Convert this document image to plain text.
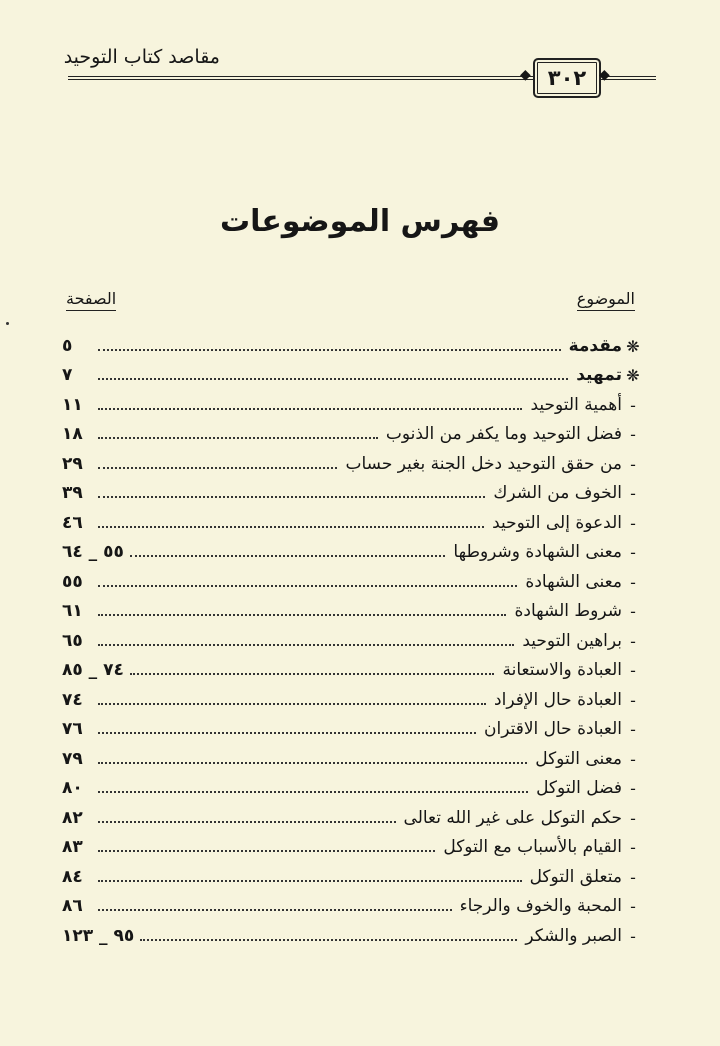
مقاصد كتاب التوحيد
◆ ٣٠٢ ◆
فهرس الموضوعات
الموضوع
الصفحة
❋
مقدمة
٥
❋
تمهيد
٧
-
أهمية التوحيد
١١
-
فضل التوحيد وما يكفر من الذنوب
١٨
-
من حقق التوحيد دخل الجنة بغير حساب
٢٩
-
الخوف من الشرك
٣٩
-
الدعوة إلى التوحيد
٤٦
-
معنى الشهادة وشروطها
٥٥ _ ٦٤
-
معنى الشهادة
٥٥
-
شروط الشهادة
٦١
-
براهين التوحيد
٦٥
-
العبادة والاستعانة
٧٤ _ ٨٥
-
العبادة حال الإفراد
٧٤
-
العبادة حال الاقتران
٧٦
-
معنى التوكل
٧٩
-
فضل التوكل
٨٠
-
حكم التوكل على غير الله تعالى
٨٢
-
القيام بالأسباب مع التوكل
٨٣
-
متعلق التوكل
٨٤
-
المحبة والخوف والرجاء
٨٦
-
الصبر والشكر
٩٥ _ ١٢٣
